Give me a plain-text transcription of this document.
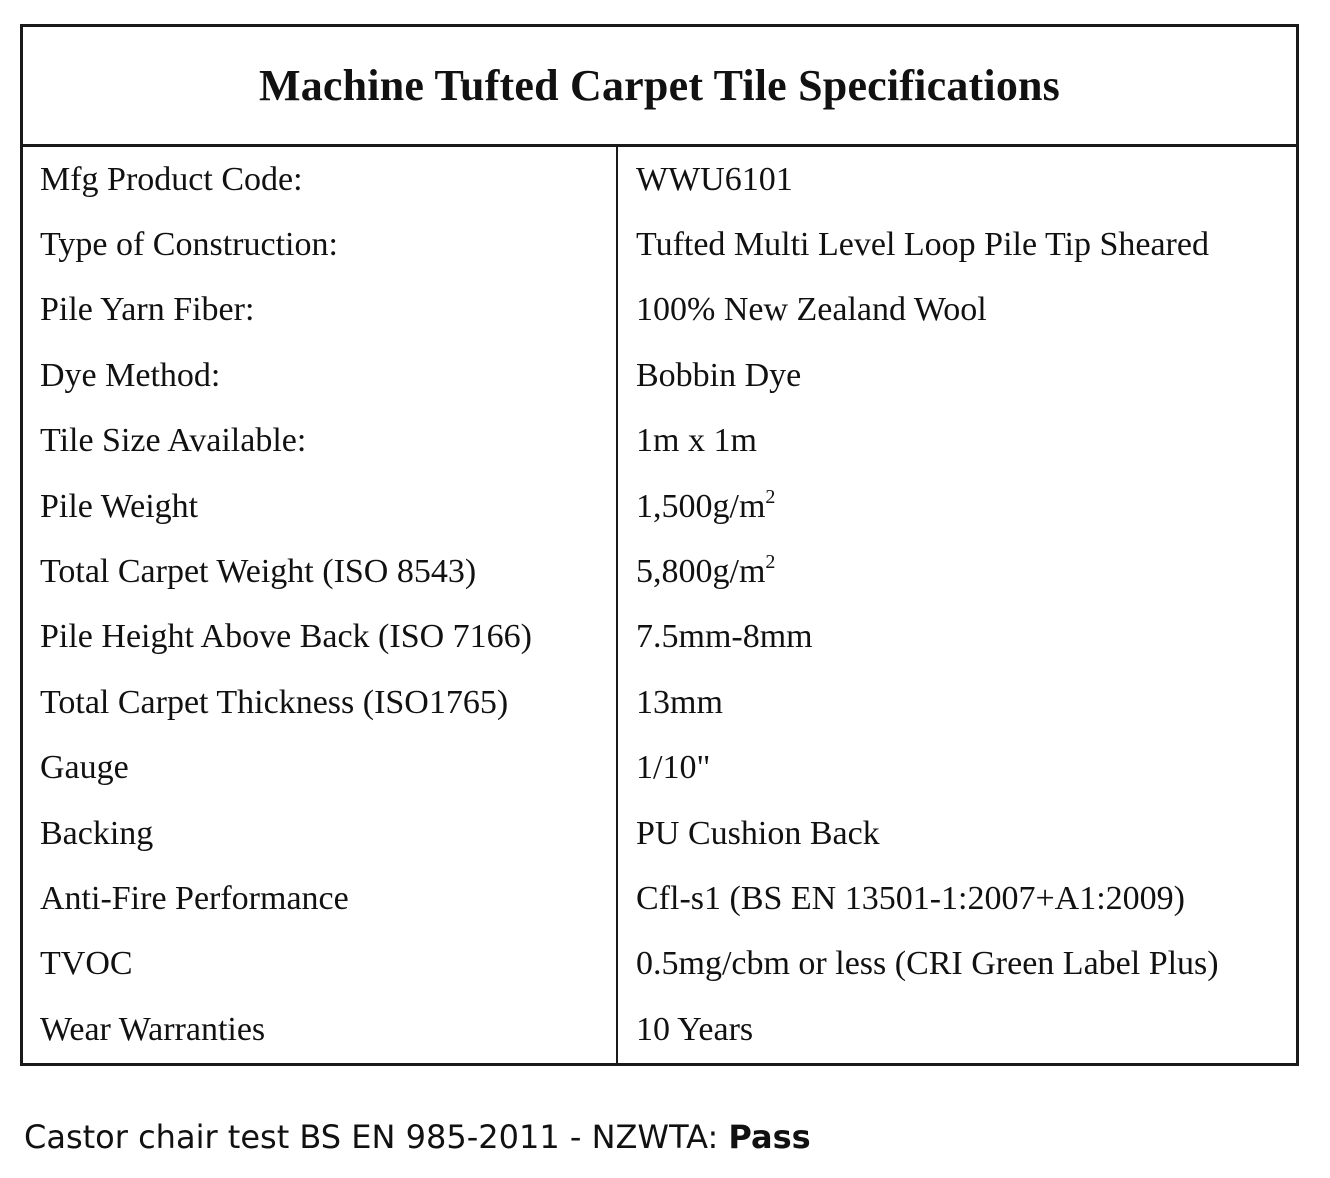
Machine Tufted Carpet Tile Specifications
Mfg Product Code:	WWU6101
Type of Construction:	Tufted Multi Level Loop Pile Tip Sheared
Pile Yarn Fiber:	100% New Zealand Wool
Dye Method:	Bobbin Dye
Tile Size Available:	1m x 1m
Pile Weight	$1,500g/m^2$
Total Carpet Weight (ISO 8543)	$5,800g/m^2$
Pile Height Above Back (ISO 7166)	7.5mm-8mm
Total Carpet Thickness (ISO1765)	13mm
Gauge	1/10"
Backing	PU Cushion Back
Anti-Fire Performance	Cfl-s1 (BS EN 13501-1:2007+A1:2009)
TVOC	0.5mg/cbm or less (CRI Green Label Plus)
Wear Warranties	10 Years
Castor chair test BS EN 985-2011 - NZWTA: Pass
